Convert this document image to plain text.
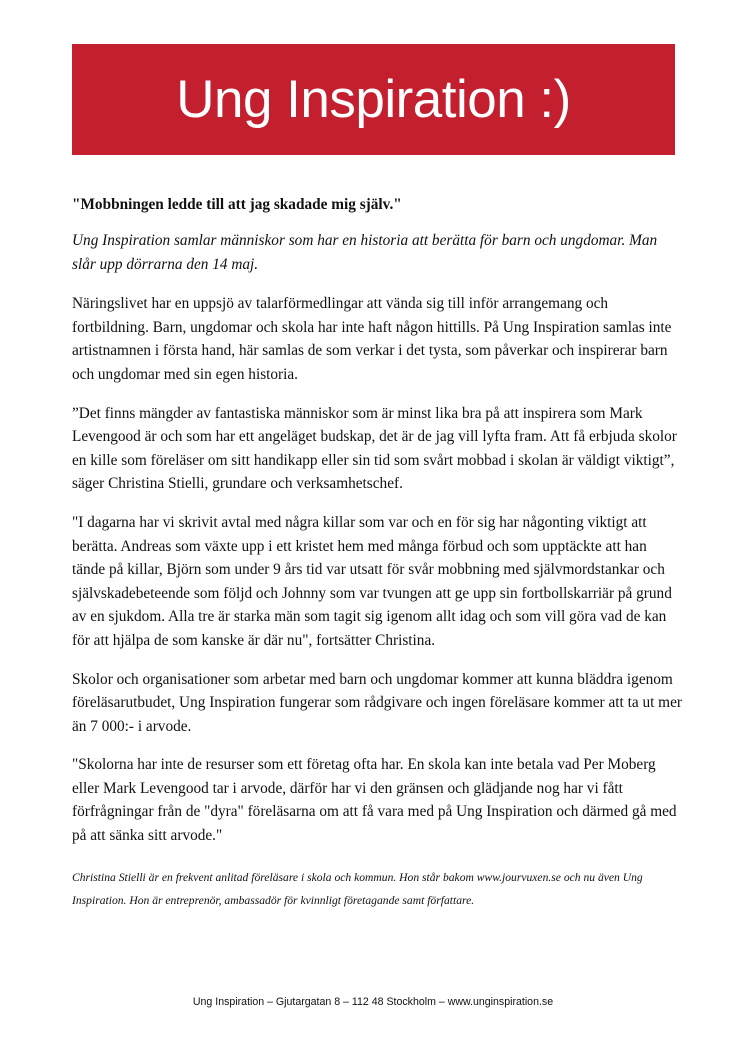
Ung Inspiration :)

"Mobbningen ledde till att jag skadade mig själv."

Ung Inspiration samlar människor som har en historia att berätta för barn och ungdomar. Man slår upp dörrarna den 14 maj.

Näringslivet har en uppsjö av talarförmedlingar att vända sig till inför arrangemang och fortbildning. Barn, ungdomar och skola har inte haft någon hittills. På Ung Inspiration samlas inte artistnamnen i första hand, här samlas de som verkar i det tysta, som påverkar och inspirerar barn och ungdomar med sin egen historia.

”Det finns mängder av fantastiska människor som är minst lika bra på att inspirera som Mark Levengood är och som har ett angeläget budskap, det är de jag vill lyfta fram. Att få erbjuda skolor en kille som föreläser om sitt handikapp eller sin tid som svårt mobbad i skolan är väldigt viktigt”, säger Christina Stielli, grundare och verksamhetschef.

"I dagarna har vi skrivit avtal med några killar som var och en för sig har någonting viktigt att berätta. Andreas som växte upp i ett kristet hem med många förbud och som upptäckte att han tände på killar, Björn som under 9 års tid var utsatt för svår mobbning med självmordstankar och självskadebeteende som följd och Johnny som var tvungen att ge upp sin fortbollskarriär på grund av en sjukdom. Alla tre är starka män som tagit sig igenom allt idag och som vill göra vad de kan för att hjälpa de som kanske är där nu", fortsätter Christina.

Skolor och organisationer som arbetar med barn och ungdomar kommer att kunna bläddra igenom föreläsarutbudet, Ung Inspiration fungerar som rådgivare och ingen föreläsare kommer att ta ut mer än 7 000:- i arvode.

"Skolorna har inte de resurser som ett företag ofta har. En skola kan inte betala vad Per Moberg eller Mark Levengood tar i arvode, därför har vi den gränsen och glädjande nog har vi fått förfrågningar från de "dyra" föreläsarna om att få vara med på Ung Inspiration och därmed gå med på att sänka sitt arvode."

Christina Stielli är en frekvent anlitad föreläsare i skola och kommun. Hon står bakom www.jourvuxen.se och nu även Ung Inspiration. Hon är entreprenör, ambassadör för kvinnligt företagande samt författare.

Ung Inspiration – Gjutargatan 8 – 112 48 Stockholm – www.unginspiration.se
